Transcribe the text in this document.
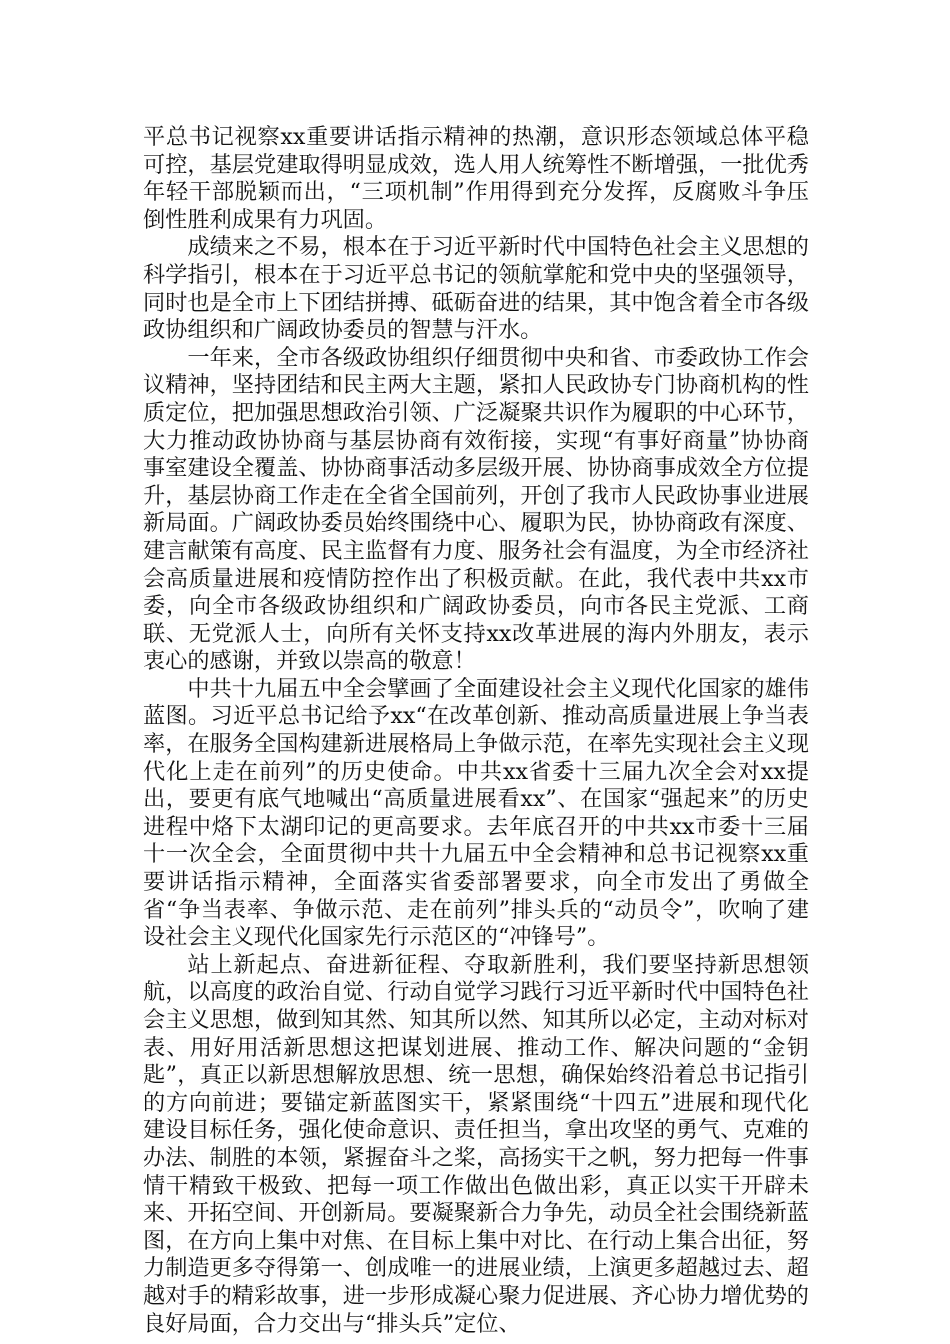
平总书记视察xx重要讲话指示精神的热潮，意识形态领域总体平稳可控，基层党建取得明显成效，选人用人统筹性不断增强，一批优秀年轻干部脱颖而出，“三项机制”作用得到充分发挥，反腐败斗争压倒性胜利成果有力巩固。

成绩来之不易，根本在于习近平新时代中国特色社会主义思想的科学指引，根本在于习近平总书记的领航掌舵和党中央的坚强领导，同时也是全市上下团结拼搏、砥砺奋进的结果，其中饱含着全市各级政协组织和广阔政协委员的智慧与汗水。

一年来，全市各级政协组织仔细贯彻中央和省、市委政协工作会议精神，坚持团结和民主两大主题，紧扣人民政协专门协商机构的性质定位，把加强思想政治引领、广泛凝聚共识作为履职的中心环节，大力推动政协协商与基层协商有效衔接，实现“有事好商量”协协商事室建设全覆盖、协协商事活动多层级开展、协协商事成效全方位提升，基层协商工作走在全省全国前列，开创了我市人民政协事业进展新局面。广阔政协委员始终围绕中心、履职为民，协协商政有深度、建言献策有高度、民主监督有力度、服务社会有温度，为全市经济社会高质量进展和疫情防控作出了积极贡献。在此，我代表中共xx市委，向全市各级政协组织和广阔政协委员，向市各民主党派、工商联、无党派人士，向所有关怀支持xx改革进展的海内外朋友，表示衷心的感谢，并致以崇高的敬意！

中共十九届五中全会擘画了全面建设社会主义现代化国家的雄伟蓝图。习近平总书记给予xx“在改革创新、推动高质量进展上争当表率，在服务全国构建新进展格局上争做示范，在率先实现社会主义现代化上走在前列”的历史使命。中共xx省委十三届九次全会对xx提出，要更有底气地喊出“高质量进展看xx”、在国家“强起来”的历史进程中烙下太湖印记的更高要求。去年底召开的中共xx市委十三届十一次全会，全面贯彻中共十九届五中全会精神和总书记视察xx重要讲话指示精神，全面落实省委部署要求，向全市发出了勇做全省“争当表率、争做示范、走在前列”排头兵的“动员令”，吹响了建设社会主义现代化国家先行示范区的“冲锋号”。

站上新起点、奋进新征程、夺取新胜利，我们要坚持新思想领航，以高度的政治自觉、行动自觉学习践行习近平新时代中国特色社会主义思想，做到知其然、知其所以然、知其所以必定，主动对标对表、用好用活新思想这把谋划进展、推动工作、解决问题的“金钥匙”，真正以新思想解放思想、统一思想，确保始终沿着总书记指引的方向前进；要锚定新蓝图实干，紧紧围绕“十四五”进展和现代化建设目标任务，强化使命意识、责任担当，拿出攻坚的勇气、克难的办法、制胜的本领，紧握奋斗之桨，高扬实干之帆，努力把每一件事情干精致干极致、把每一项工作做出色做出彩，真正以实干开辟未来、开拓空间、开创新局。要凝聚新合力争先，动员全社会围绕新蓝图，在方向上集中对焦、在目标上集中对比、在行动上集合出征，努力制造更多夺得第一、创成唯一的进展业绩，上演更多超越过去、超越对手的精彩故事，进一步形成凝心聚力促进展、齐心协力增优势的良好局面，合力交出与“排头兵”定位、
